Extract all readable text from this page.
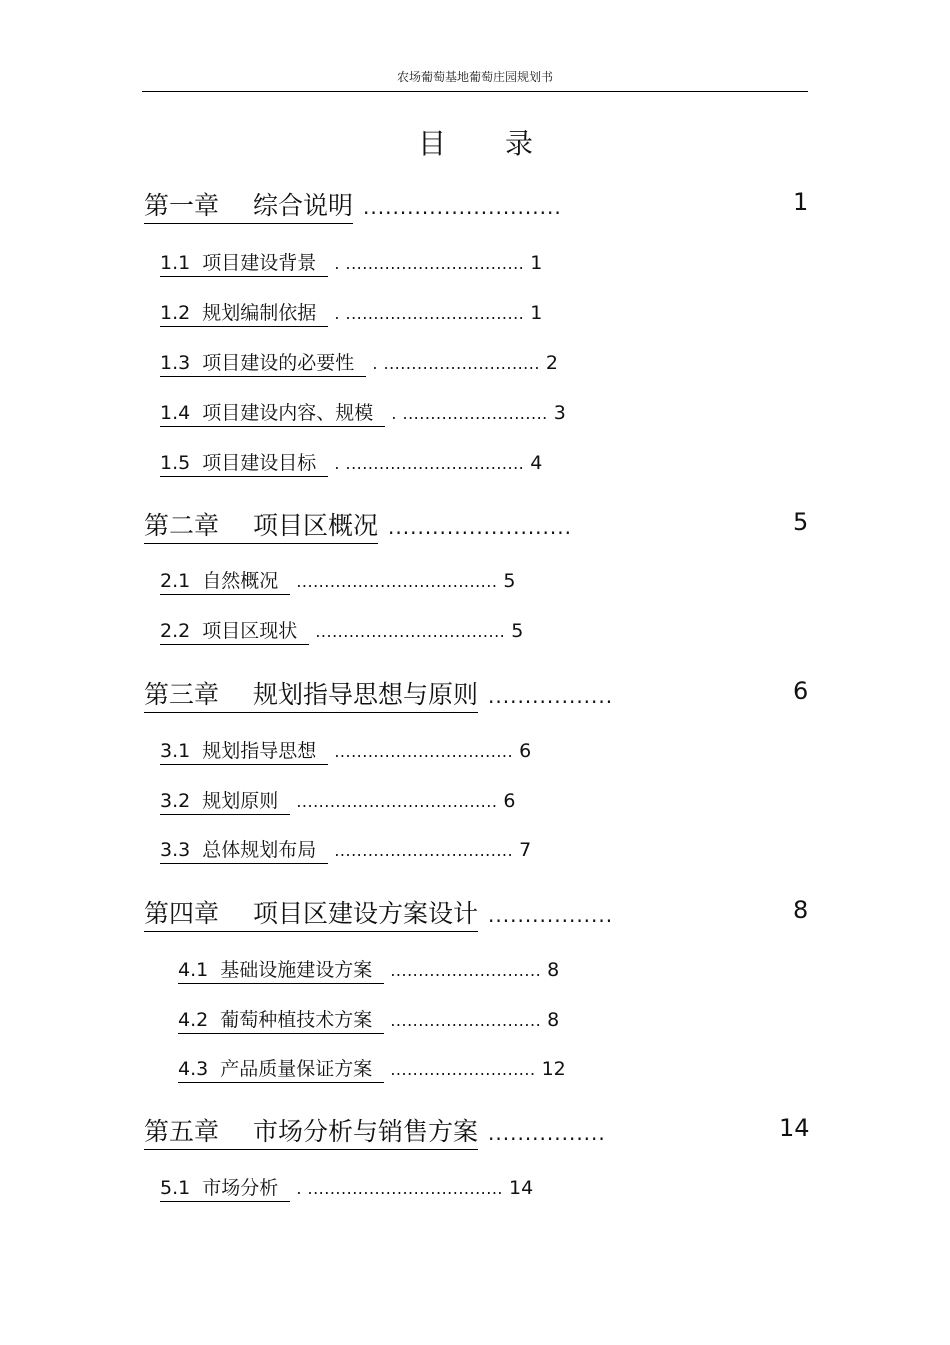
农场葡萄基地葡萄庄园规划书
目 录
第一章 综合说明 ...........................	1
1.1 项目建设背景 . ................................ 1
1.2 规划编制依据 . ................................ 1
1.3 项目建设的必要性 . ............................ 2
1.4 项目建设内容、规模 . .......................... 3
1.5 项目建设目标 . ................................ 4
第二章 项目区概况 .........................	5
2.1 自然概况 .................................... 5
2.2 项目区现状 .................................. 5
第三章 规划指导思想与原则 .................	6
3.1 规划指导思想 ................................ 6
3.2 规划原则 .................................... 6
3.3 总体规划布局 ................................ 7
第四章 项目区建设方案设计 .................	8
4.1 基础设施建设方案 ........................... 8
4.2 葡萄种植技术方案 ........................... 8
4.3 产品质量保证方案 .......................... 12
第五章 市场分析与销售方案 ................	14
5.1 市场分析 . ................................... 14
